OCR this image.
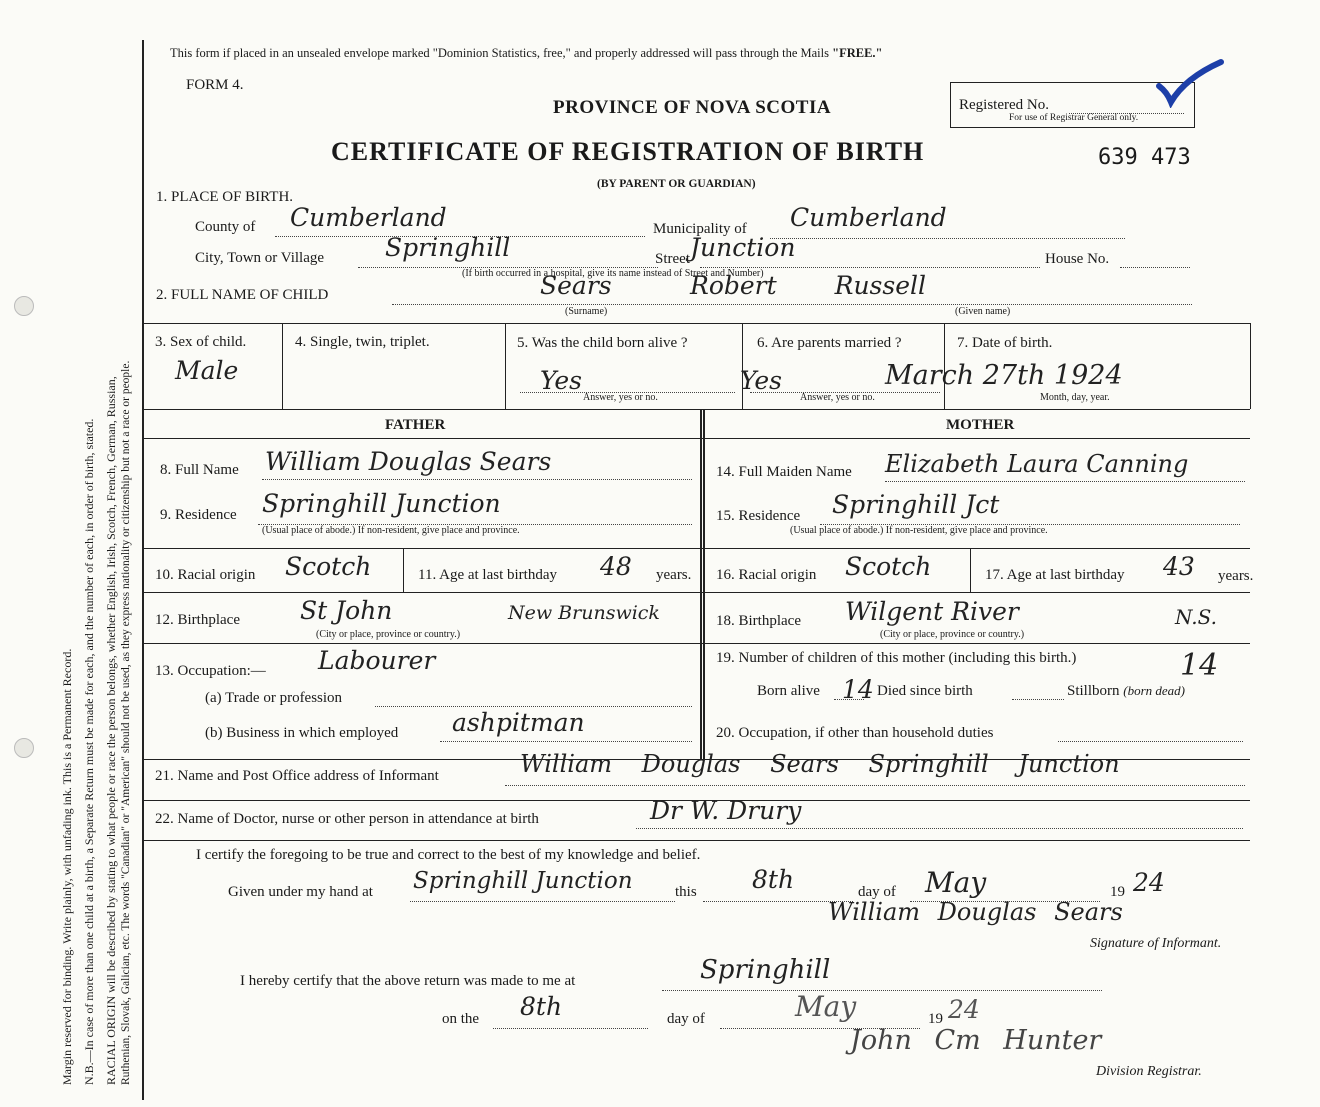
Margin reserved for binding. Write plainly, with unfading ink. This is a Permanent Record. N.B.—In case of more than one child at a birth, a Separate Return must be made for each, and the number of each, in order of birth, stated. RACIAL ORIGIN will be described by stating to what people or race the person belongs, whether English, Irish, Scotch, French, German, Russian, Ruthenian, Slovak, Galician, etc. The words "Canadian" or "American" should not be used, as they express nationality or citizenship but not a race or people.
This form if placed in an unsealed envelope marked "Dominion Statistics, free," and properly addressed will pass through the Mails "FREE."
FORM 4.
PROVINCE OF NOVA SCOTIA	Registered No.
For use of Registrar General only.
CERTIFICATE OF REGISTRATION OF BIRTH	639 473
(BY PARENT OR GUARDIAN)
1. PLACE OF BIRTH.
County of Cumberland	Municipality of Cumberland
City, Town or Village Springhill	Street Junction	House No.
(If birth occurred in a hospital, give its name instead of Street and Number)
2. FULL NAME OF CHILD	Sears	Robert Russell
(Surname)	(Given name)
3. Sex of child.
Male
4. Single, twin, triplet.	5. Was the child born alive ?
Yes
Answer, yes or no.
6. Are parents married ?
Yes
Answer, yes or no.
7. Date of birth.
March 27th 1924
Month, day, year.
FATHER	MOTHER
8. Full Name William Douglas Sears
9. Residence Springhill Junction
(Usual place of abode.) If non-resident, give place and province.
10. Racial origin Scotch	11. Age at last birthday 48 years.
12. Birthplace St John	New Brunswick
(City or place, province or country.)
13. Occupation:— Labourer
(a) Trade or profession
(b) Business in which employed ashpitman
14. Full Maiden Name Elizabeth Laura Canning
15. Residence Springhill Jct
(Usual place of abode.) If non-resident, give place and province.
16. Racial origin Scotch	17. Age at last birthday 43 years.
18. Birthplace Wilgent River	N.S.
(City or place, province or country.)
19. Number of children of this mother (including this birth.)	14
Born alive 14 Died since birth	Stillborn (born dead)
20. Occupation, if other than household duties
21. Name and Post Office address of Informant	William Douglas Sears Springhill Junction
22. Name of Doctor, nurse or other person in attendance at birth	Dr W. Drury
I certify the foregoing to be true and correct to the best of my knowledge and belief.
Given under my hand at Springhill Junction	this 8th	day of May	19 24
William Douglas Sears
Signature of Informant.
I hereby certify that the above return was made to me at	Springhill
on the 8th	day of	May	19 24
John Cm Hunter
Division Registrar.
